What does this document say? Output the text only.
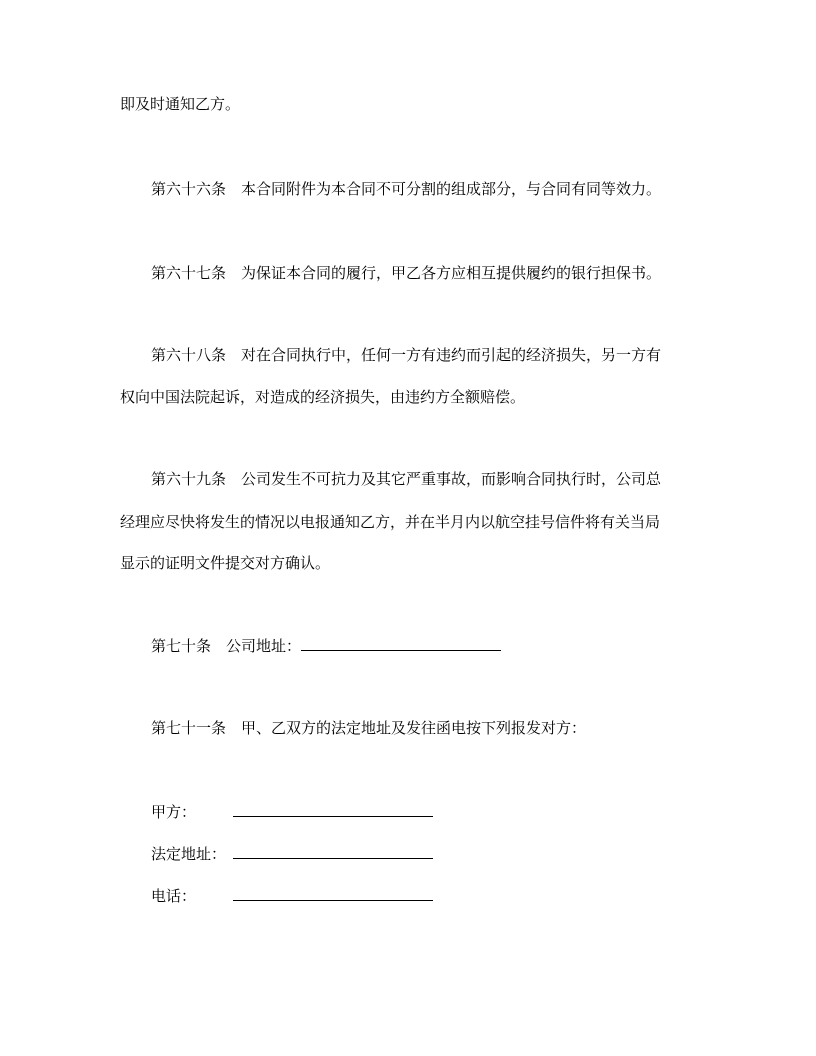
即及时通知乙方。
第六十六条　本合同附件为本合同不可分割的组成部分，与合同有同等效力。
第六十七条　为保证本合同的履行，甲乙各方应相互提供履约的银行担保书。
第六十八条　对在合同执行中，任何一方有违约而引起的经济损失，另一方有
权向中国法院起诉，对造成的经济损失，由违约方全额赔偿。
第六十九条　公司发生不可抗力及其它严重事故，而影响合同执行时，公司总
经理应尽快将发生的情况以电报通知乙方，并在半月内以航空挂号信件将有关当局
显示的证明文件提交对方确认。
第七十条　公司地址：
第七十一条　甲、乙双方的法定地址及发往函电按下列报发对方：
甲方：
法定地址：
电话：
